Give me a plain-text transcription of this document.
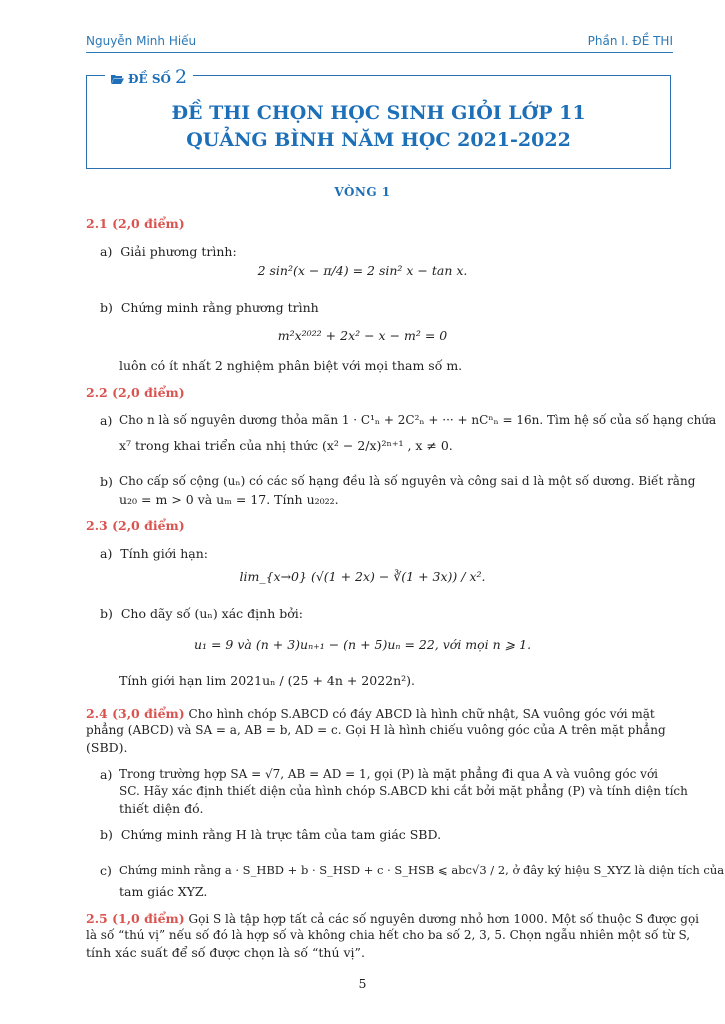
Nguyễn Minh Hiếu	Phần I. ĐỀ THI
ĐỀ SỐ 2
ĐỀ THI CHỌN HỌC SINH GIỎI LỚP 11
QUẢNG BÌNH NĂM HỌC 2021-2022
VÒNG 1
2.1 (2,0 điểm)
a) Giải phương trình:
2 sin²(x − π/4) = 2 sin² x − tan x.
b) Chứng minh rằng phương trình
m²x²⁰²² + 2x² − x − m² = 0
luôn có ít nhất 2 nghiệm phân biệt với mọi tham số m.
2.2 (2,0 điểm)
a) Cho n là số nguyên dương thỏa mãn 1 · C¹ₙ + 2C²ₙ + ··· + nCⁿₙ = 16n. Tìm hệ số của số hạng chứa
x⁷ trong khai triển của nhị thức (x² − 2/x)²ⁿ⁺¹ , x ≠ 0.
b) Cho cấp số cộng (uₙ) có các số hạng đều là số nguyên và công sai d là một số dương. Biết rằng
u₂₀ = m > 0 và uₘ = 17. Tính u₂₀₂₂.
2.3 (2,0 điểm)
a) Tính giới hạn:
lim_{x→0} (√(1 + 2x) − ∛(1 + 3x)) / x².
b) Cho dãy số (uₙ) xác định bởi:
u₁ = 9 và (n + 3)uₙ₊₁ − (n + 5)uₙ = 22, với mọi n ⩾ 1.
Tính giới hạn lim 2021uₙ / (25 + 4n + 2022n²).
2.4 (3,0 điểm) Cho hình chóp S.ABCD có đáy ABCD là hình chữ nhật, SA vuông góc với mặt
phẳng (ABCD) và SA = a, AB = b, AD = c. Gọi H là hình chiếu vuông góc của A trên mặt phẳng
(SBD).
a) Trong trường hợp SA = √7, AB = AD = 1, gọi (P) là mặt phẳng đi qua A và vuông góc với
SC. Hãy xác định thiết diện của hình chóp S.ABCD khi cắt bởi mặt phẳng (P) và tính diện tích
thiết diện đó.
b) Chứng minh rằng H là trực tâm của tam giác SBD.
c) Chứng minh rằng a · S_HBD + b · S_HSD + c · S_HSB ⩽ abc√3 / 2, ở đây ký hiệu S_XYZ là diện tích của
tam giác XYZ.
2.5 (1,0 điểm) Gọi S là tập hợp tất cả các số nguyên dương nhỏ hơn 1000. Một số thuộc S được gọi
là số “thú vị” nếu số đó là hợp số và không chia hết cho ba số 2, 3, 5. Chọn ngẫu nhiên một số từ S,
tính xác suất để số được chọn là số “thú vị”.
5
